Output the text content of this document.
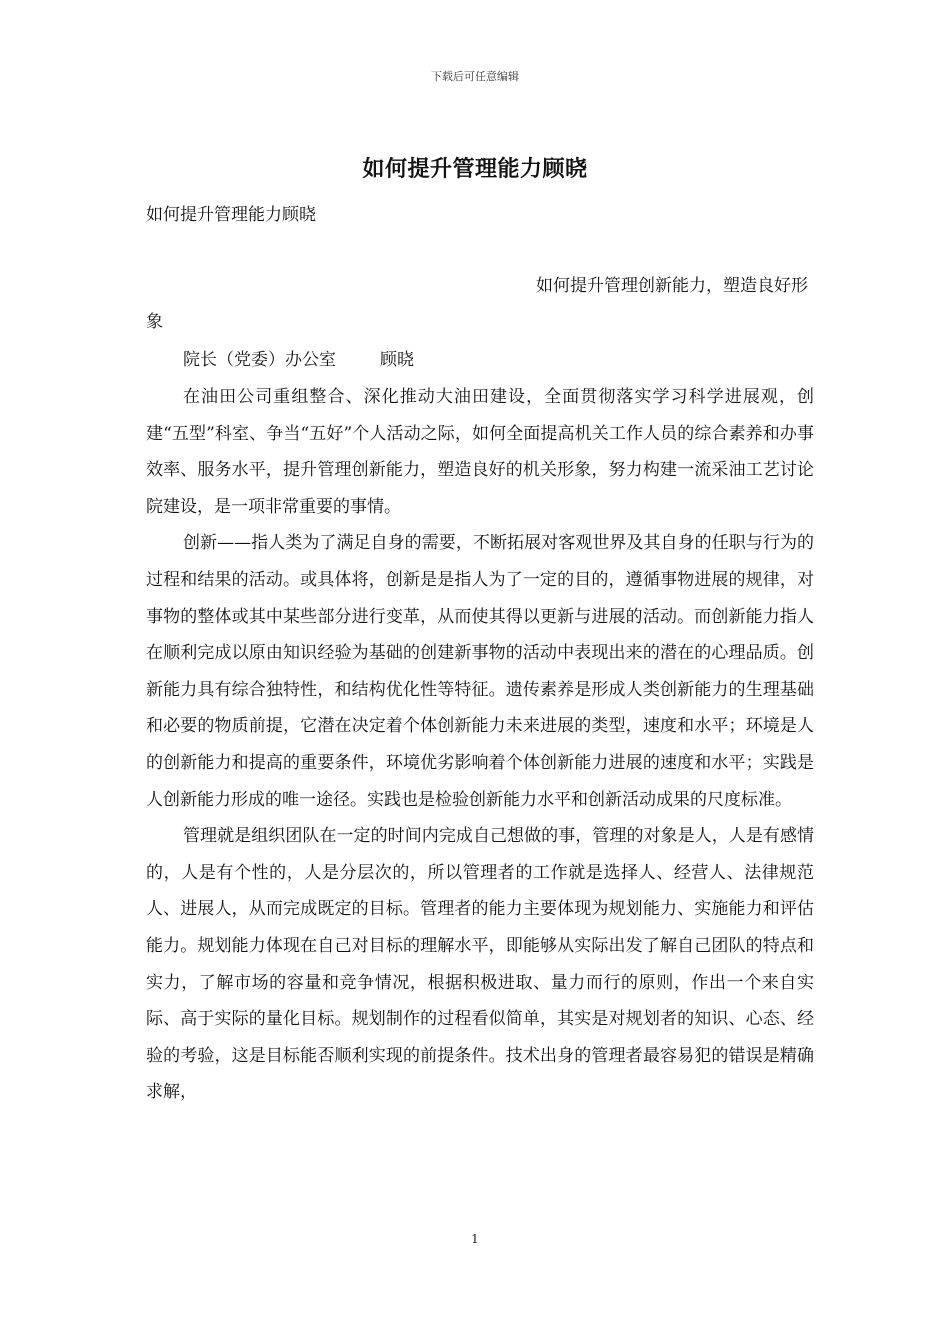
下载后可任意编辑
如何提升管理能力顾晓

如何提升管理能力顾晓

如何提升管理创新能力，塑造良好形
象
院长（党委）办公室	顾晓

在油田公司重组整合、深化推动大油田建设，全面贯彻落实学习科学进展观，创建“五型”科室、争当“五好”个人活动之际，如何全面提高机关工作人员的综合素养和办事效率、服务水平，提升管理创新能力，塑造良好的机关形象，努力构建一流采油工艺讨论院建设，是一项非常重要的事情。

创新——指人类为了满足自身的需要，不断拓展对客观世界及其自身的任职与行为的过程和结果的活动。或具体将，创新是是指人为了一定的目的，遵循事物进展的规律，对事物的整体或其中某些部分进行变革，从而使其得以更新与进展的活动。而创新能力指人在顺利完成以原由知识经验为基础的创建新事物的活动中表现出来的潜在的心理品质。创新能力具有综合独特性，和结构优化性等特征。遗传素养是形成人类创新能力的生理基础和必要的物质前提，它潜在决定着个体创新能力未来进展的类型，速度和水平；环境是人的创新能力和提高的重要条件，环境优劣影响着个体创新能力进展的速度和水平；实践是人创新能力形成的唯一途径。实践也是检验创新能力水平和创新活动成果的尺度标准。

管理就是组织团队在一定的时间内完成自己想做的事，管理的对象是人，人是有感情的，人是有个性的，人是分层次的，所以管理者的工作就是选择人、经营人、法律规范人、进展人，从而完成既定的目标。管理者的能力主要体现为规划能力、实施能力和评估能力。规划能力体现在自己对目标的理解水平，即能够从实际出发了解自己团队的特点和实力，了解市场的容量和竞争情况，根据积极进取、量力而行的原则，作出一个来自实际、高于实际的量化目标。规划制作的过程看似简单，其实是对规划者的知识、心态、经验的考验，这是目标能否顺利实现的前提条件。技术出身的管理者最容易犯的错误是精确求解，

1
